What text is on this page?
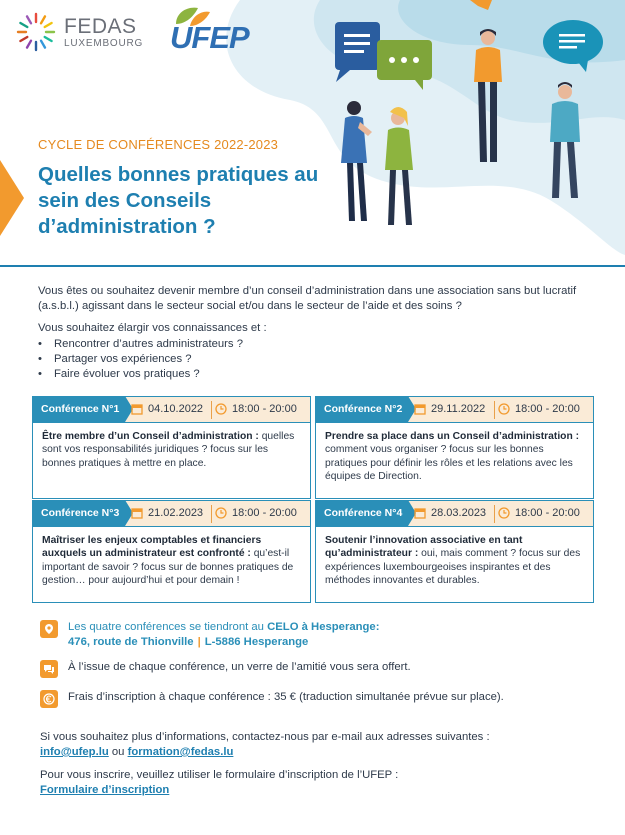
FEDAS
LUXEMBOURG UFEP
CYCLE DE CONFÉRENCES 2022-2023
Quelles bonnes pratiques au sein des Conseils d’administration ?

Vous êtes ou souhaitez devenir membre d’un conseil d’administration dans une association sans but lucratif (a.s.b.l.) agissant dans le secteur social et/ou dans le secteur de l’aide et des soins ?

Vous souhaitez élargir vos connaissances et :

• Rencontrer d’autres administrateurs ?
• Partager vos expériences ?
• Faire évoluer vos pratiques ?
Conférence N°1	04.10.2022	18:00 - 20:00
Être membre d’un Conseil d’administration : quelles sont vos responsabilités juridiques ? focus sur les bonnes pratiques à mettre en place.
Conférence N°2	29.11.2022	18:00 - 20:00
Prendre sa place dans un Conseil d’administration : comment vous organiser ? focus sur les bonnes pratiques pour définir les rôles et les relations avec les équipes de Direction.
Conférence N°3	21.02.2023	18:00 - 20:00
Maîtriser les enjeux comptables et financiers auxquels un administrateur est confronté : qu’est-il important de savoir ? focus sur de bonnes pratiques de gestion… pour aujourd’hui et pour demain !
Conférence N°4	28.03.2023	18:00 - 20:00
Soutenir l’innovation associative en tant qu’administrateur : oui, mais comment ? focus sur des expériences luxembourgeoises inspirantes et des méthodes innovantes et durables.
Les quatre conférences se tiendront au CELO à Hesperange:
476, route de Thionville | L-5886 Hesperange
À l’issue de chaque conférence, un verre de l’amitié vous sera offert.
Frais d’inscription à chaque conférence : 35 € (traduction simultanée prévue sur place).
Si vous souhaitez plus d’informations, contactez-nous par e-mail aux adresses suivantes :
info@ufep.lu ou formation@fedas.lu
Pour vous inscrire, veuillez utiliser le formulaire d’inscription de l’UFEP :
Formulaire d’inscription
